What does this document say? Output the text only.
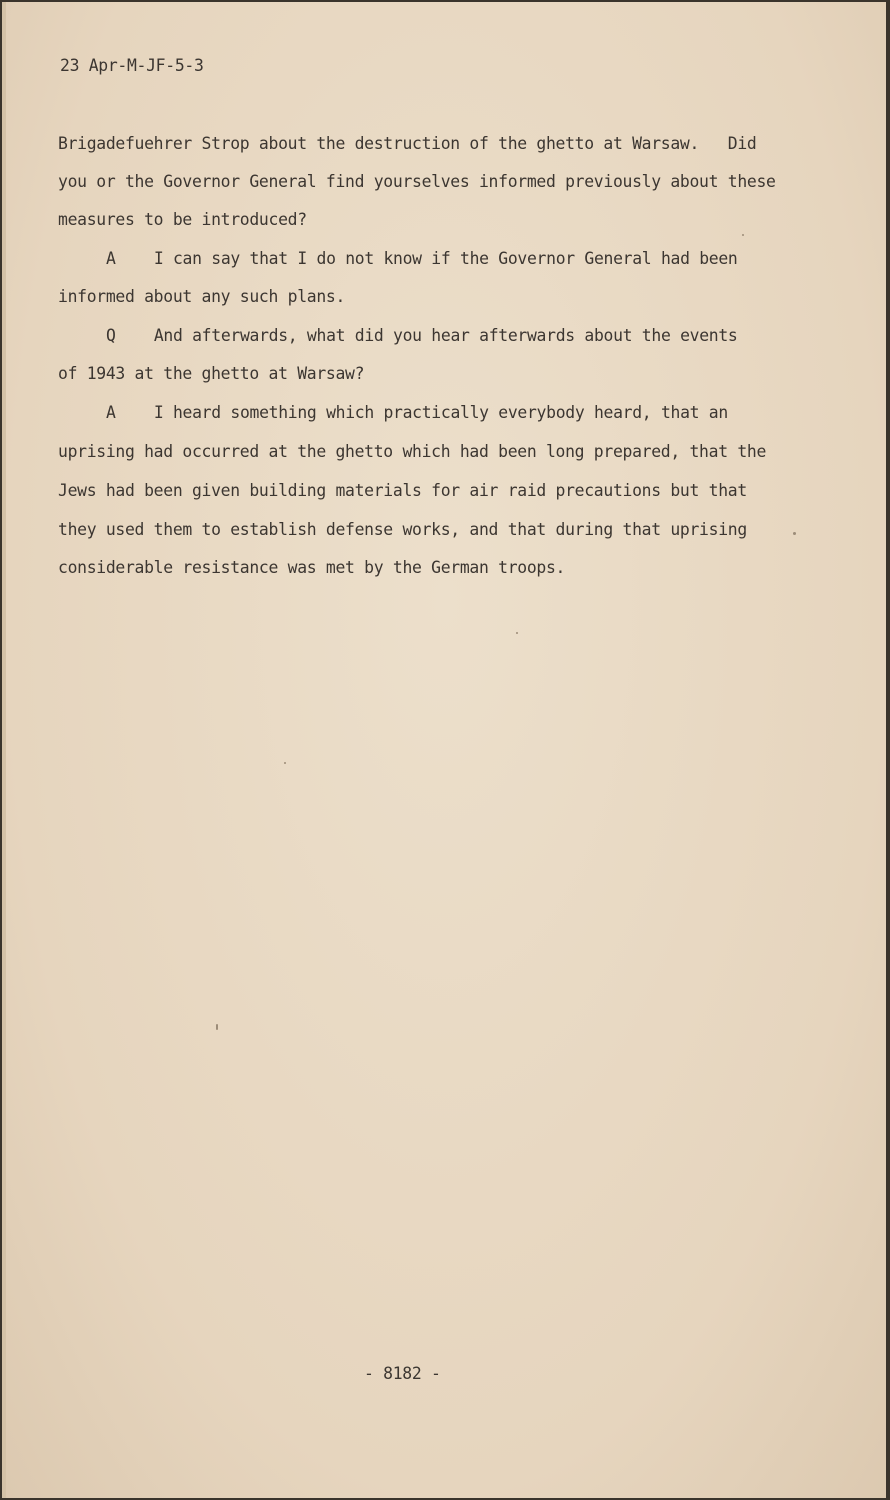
23 Apr-M-JF-5-3
Brigadefuehrer Strop about the destruction of the ghetto at Warsaw.   Did
you or the Governor General find yourselves informed previously about these
measures to be introduced?
A    I can say that I do not know if the Governor General had been
informed about any such plans.
Q    And afterwards, what did you hear afterwards about the events
of 1943 at the ghetto at Warsaw?
A    I heard something which practically everybody heard, that an
uprising had occurred at the ghetto which had been long prepared, that the
Jews had been given building materials for air raid precautions but that
they used them to establish defense works, and that during that uprising
considerable resistance was met by the German troops.
- 8182 -
